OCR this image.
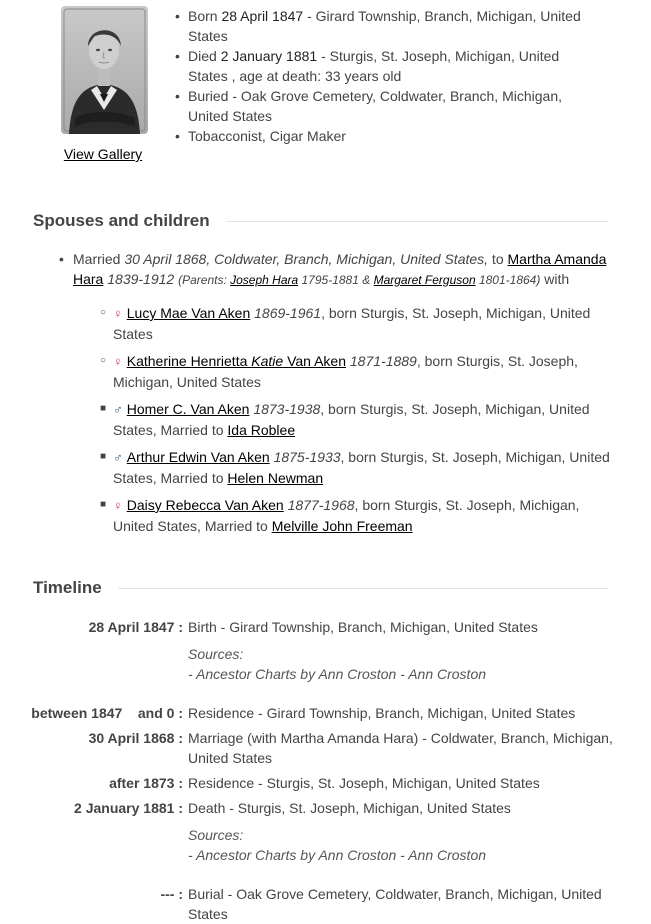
View Gallery
• Born 28 April 1847 - Girard Township, Branch, Michigan, United States
• Died 2 January 1881 - Sturgis, St. Joseph, Michigan, United States , age at death: 33 years old
• Buried - Oak Grove Cemetery, Coldwater, Branch, Michigan, United States
• Tobacconist, Cigar Maker
Spouses and children
• Married 30 April 1868, Coldwater, Branch, Michigan, United States, to Martha Amanda Hara 1839-1912 (Parents: Joseph Hara 1795-1881 & Margaret Ferguson 1801-1864) with
○ ♀ Lucy Mae Van Aken 1869-1961, born Sturgis, St. Joseph, Michigan, United States
○ ♀ Katherine Henrietta Katie Van Aken 1871-1889, born Sturgis, St. Joseph, Michigan, United States
■ ♂ Homer C. Van Aken 1873-1938, born Sturgis, St. Joseph, Michigan, United States, Married to Ida Roblee
■ ♂ Arthur Edwin Van Aken 1875-1933, born Sturgis, St. Joseph, Michigan, United States, Married to Helen Newman
■ ♀ Daisy Rebecca Van Aken 1877-1968, born Sturgis, St. Joseph, Michigan, United States, Married to Melville John Freeman
Timeline
28 April 1847 : Birth - Girard Township, Branch, Michigan, United States
Sources:
- Ancestor Charts by Ann Croston - Ann Croston
between 1847    and 0 : Residence - Girard Township, Branch, Michigan, United States
30 April 1868 : Marriage (with Martha Amanda Hara) - Coldwater, Branch, Michigan, United States
after 1873 : Residence - Sturgis, St. Joseph, Michigan, United States
2 January 1881 : Death - Sturgis, St. Joseph, Michigan, United States
Sources:
- Ancestor Charts by Ann Croston - Ann Croston
--- : Burial - Oak Grove Cemetery, Coldwater, Branch, Michigan, United States
